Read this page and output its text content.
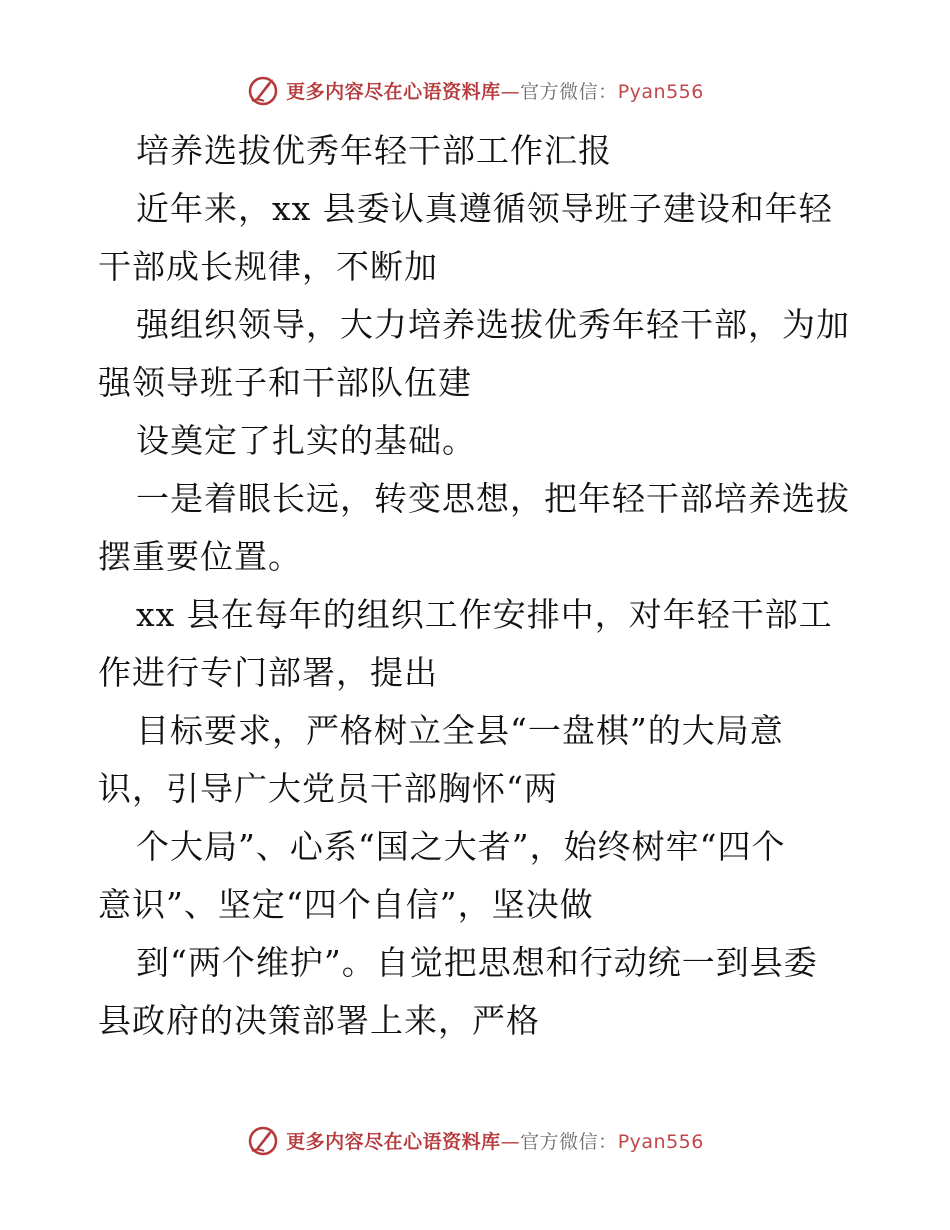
更多内容尽在心语资料库—官方微信：Pyan556
培养选拔优秀年轻干部工作汇报
近年来，xx 县委认真遵循领导班子建设和年轻
干部成长规律，不断加
强组织领导，大力培养选拔优秀年轻干部，为加
强领导班子和干部队伍建
设奠定了扎实的基础。
一是着眼长远，转变思想，把年轻干部培养选拔
摆重要位置。
xx 县在每年的组织工作安排中，对年轻干部工
作进行专门部署，提出
目标要求，严格树立全县“一盘棋”的大局意
识，引导广大党员干部胸怀“两
个大局”、心系“国之大者”，始终树牢“四个
意识”、坚定“四个自信”，坚决做
到“两个维护”。自觉把思想和行动统一到县委
县政府的决策部署上来，严格
更多内容尽在心语资料库—官方微信：Pyan556
